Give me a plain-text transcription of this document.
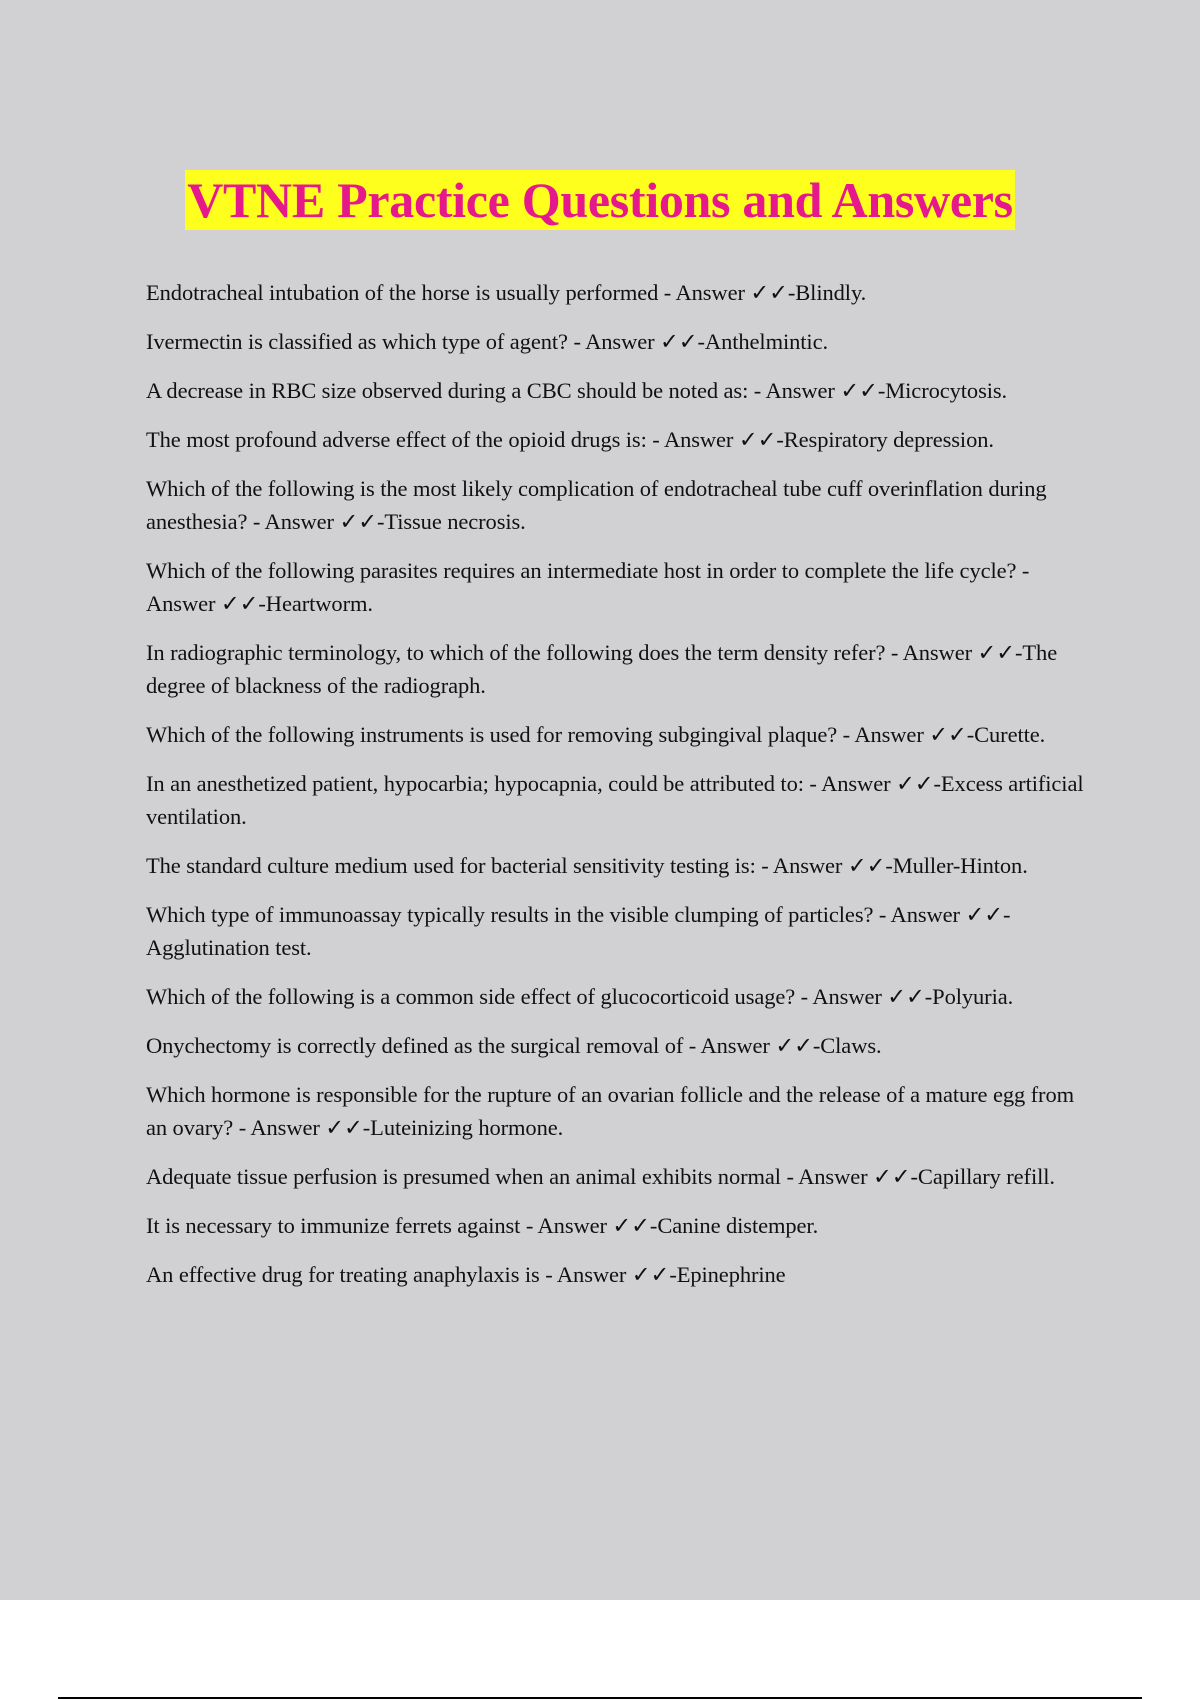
VTNE Practice Questions and Answers
Endotracheal intubation of the horse is usually performed - Answer ✓✓-Blindly.
Ivermectin is classified as which type of agent? - Answer ✓✓-Anthelmintic.
A decrease in RBC size observed during a CBC should be noted as: - Answer ✓✓-Microcytosis.
The most profound adverse effect of the opioid drugs is: - Answer ✓✓-Respiratory depression.
Which of the following is the most likely complication of endotracheal tube cuff overinflation during anesthesia? - Answer ✓✓-Tissue necrosis.
Which of the following parasites requires an intermediate host in order to complete the life cycle? - Answer ✓✓-Heartworm.
In radiographic terminology, to which of the following does the term density refer? - Answer ✓✓-The degree of blackness of the radiograph.
Which of the following instruments is used for removing subgingival plaque? - Answer ✓✓-Curette.
In an anesthetized patient, hypocarbia; hypocapnia, could be attributed to: - Answer ✓✓-Excess artificial ventilation.
The standard culture medium used for bacterial sensitivity testing is: - Answer ✓✓-Muller-Hinton.
Which type of immunoassay typically results in the visible clumping of particles? - Answer ✓✓-Agglutination test.
Which of the following is a common side effect of glucocorticoid usage? - Answer ✓✓-Polyuria.
Onychectomy is correctly defined as the surgical removal of - Answer ✓✓-Claws.
Which hormone is responsible for the rupture of an ovarian follicle and the release of a mature egg from an ovary? - Answer ✓✓-Luteinizing hormone.
Adequate tissue perfusion is presumed when an animal exhibits normal - Answer ✓✓-Capillary refill.
It is necessary to immunize ferrets against - Answer ✓✓-Canine distemper.
An effective drug for treating anaphylaxis is - Answer ✓✓-Epinephrine
